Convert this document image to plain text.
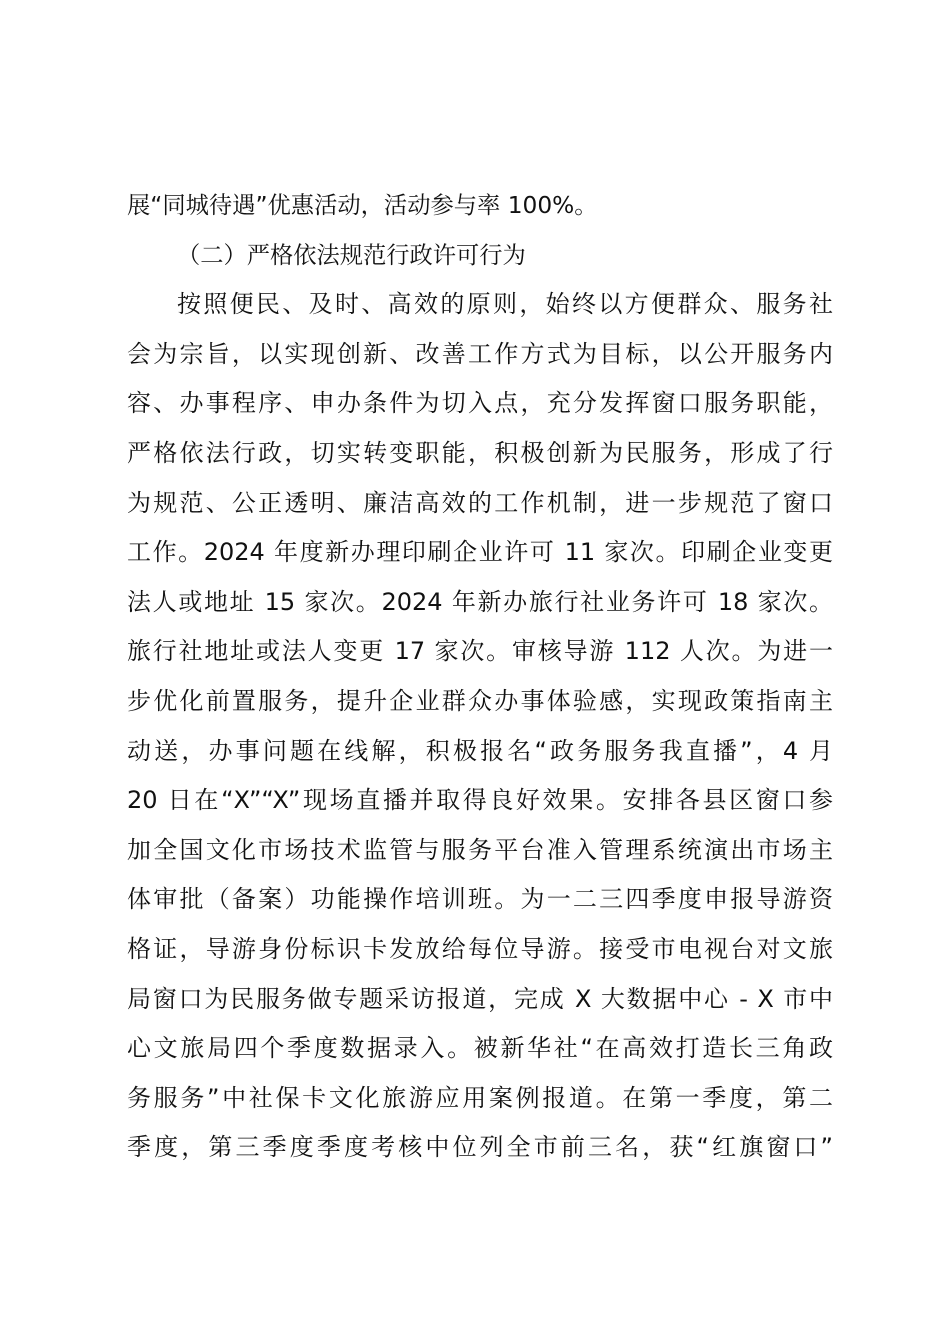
展“同城待遇”优惠活动，活动参与率 100%。
（二）严格依法规范行政许可行为
按照便民、及时、高效的原则，始终以方便群众、服务社
会为宗旨，以实现创新、改善工作方式为目标，以公开服务内
容、办事程序、申办条件为切入点，充分发挥窗口服务职能，
严格依法行政，切实转变职能，积极创新为民服务，形成了行
为规范、公正透明、廉洁高效的工作机制，进一步规范了窗口
工作。2024 年度新办理印刷企业许可 11 家次。印刷企业变更
法人或地址 15 家次。2024 年新办旅行社业务许可 18 家次。
旅行社地址或法人变更 17 家次。审核导游 112 人次。为进一
步优化前置服务，提升企业群众办事体验感，实现政策指南主
动送，办事问题在线解，积极报名“政务服务我直播”，4 月
20 日在“X”“X”现场直播并取得良好效果。安排各县区窗口参
加全国文化市场技术监管与服务平台准入管理系统演出市场主
体审批（备案）功能操作培训班。为一二三四季度申报导游资
格证，导游身份标识卡发放给每位导游。接受市电视台对文旅
局窗口为民服务做专题采访报道，完成 X 大数据中心 - X 市中
心文旅局四个季度数据录入。被新华社“在高效打造长三角政
务服务”中社保卡文化旅游应用案例报道。在第一季度，第二
季度，第三季度季度考核中位列全市前三名，获“红旗窗口”
